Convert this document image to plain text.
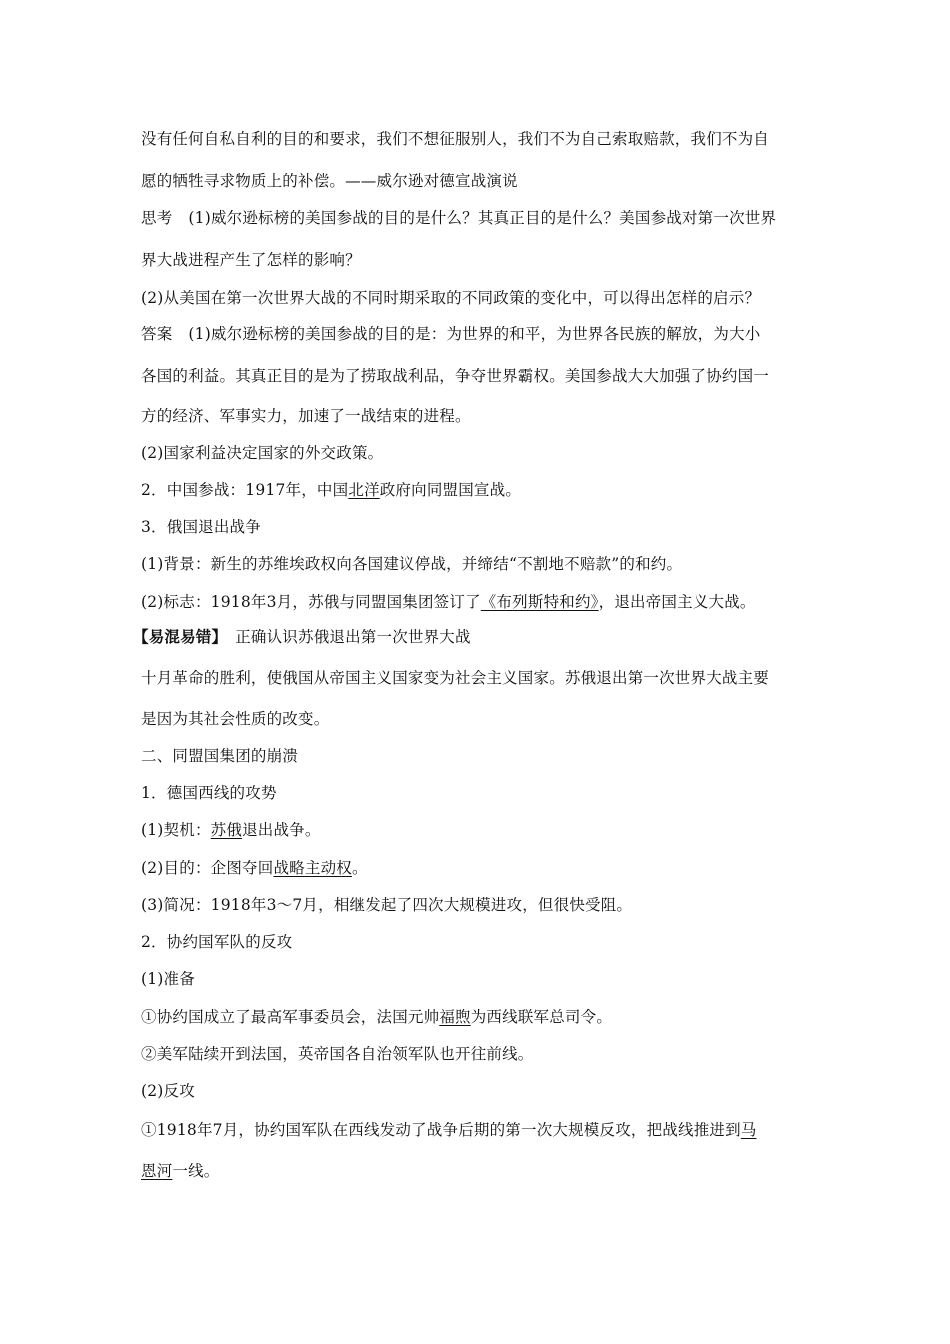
没有任何自私自利的目的和要求，我们不想征服别人，我们不为自己索取赔款，我们不为自
愿的牺牲寻求物质上的补偿。——威尔逊对德宣战演说
思考 (1)威尔逊标榜的美国参战的目的是什么？其真正目的是什么？美国参战对第一次世界
界大战进程产生了怎样的影响？
(2)从美国在第一次世界大战的不同时期采取的不同政策的变化中，可以得出怎样的启示？
答案 (1)威尔逊标榜的美国参战的目的是：为世界的和平，为世界各民族的解放，为大小
各国的利益。其真正目的是为了捞取战利品，争夺世界霸权。美国参战大大加强了协约国一
方的经济、军事实力，加速了一战结束的进程。
(2)国家利益决定国家的外交政策。
2．中国参战：1917年，中国北洋政府向同盟国宣战。
3．俄国退出战争
(1)背景：新生的苏维埃政权向各国建议停战，并缔结“不割地不赔款”的和约。
(2)标志：1918年3月，苏俄与同盟国集团签订了《布列斯特和约》，退出帝国主义大战。
【易混易错】 正确认识苏俄退出第一次世界大战
十月革命的胜利，使俄国从帝国主义国家变为社会主义国家。苏俄退出第一次世界大战主要
是因为其社会性质的改变。
二、同盟国集团的崩溃
1．德国西线的攻势
(1)契机：苏俄退出战争。
(2)目的：企图夺回战略主动权。
(3)简况：1918年3～7月，相继发起了四次大规模进攻，但很快受阻。
2．协约国军队的反攻
(1)准备
①协约国成立了最高军事委员会，法国元帅福煦为西线联军总司令。
②美军陆续开到法国，英帝国各自治领军队也开往前线。
(2)反攻
①1918年7月，协约国军队在西线发动了战争后期的第一次大规模反攻，把战线推进到马
恩河一线。
